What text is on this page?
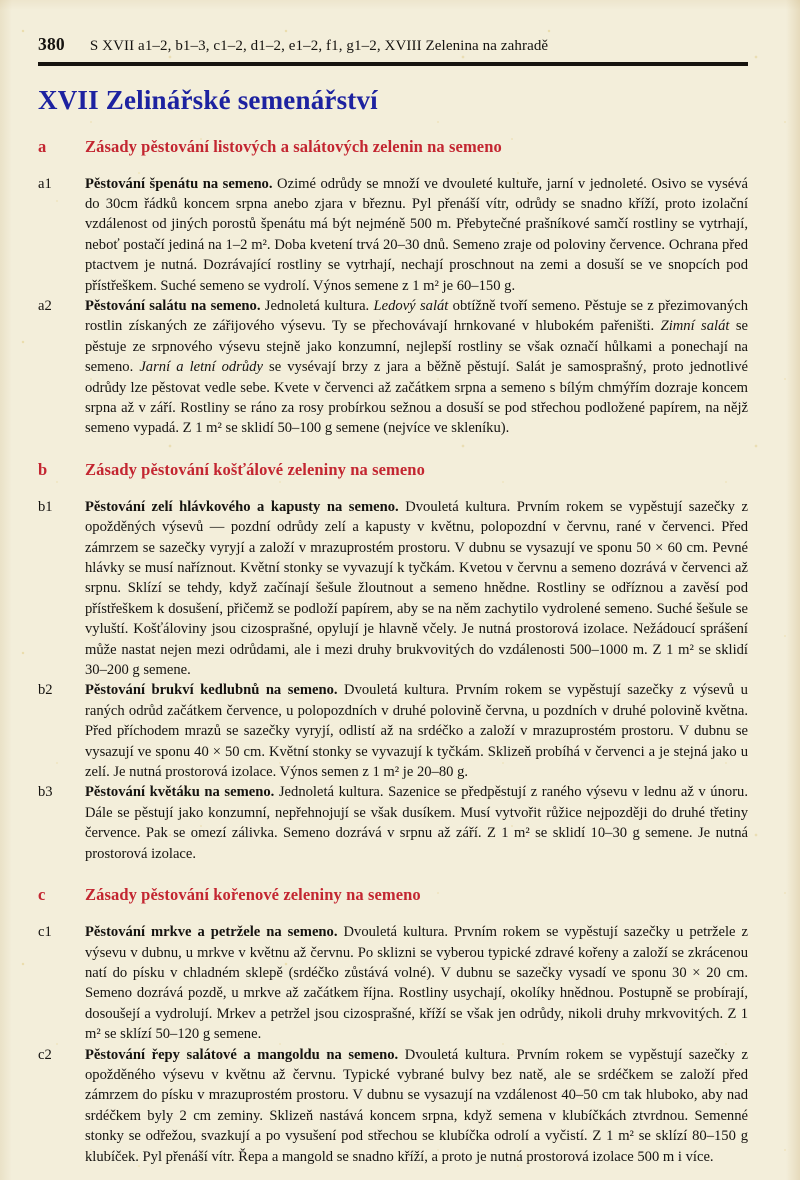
380 S XVII a1–2, b1–3, c1–2, d1–2, e1–2, f1, g1–2, XVIII Zelenina na zahradě
XVII Zelinářské semenářství
a	Zásady pěstování listových a salátových zelenin na semeno
a1	Pěstování špenátu na semeno. Ozimé odrůdy se množí ve dvouleté kultuře, jarní v jednoleté. Osivo se vysévá do 30cm řádků koncem srpna anebo zjara v březnu. Pyl přenáší vítr, odrůdy se snadno kříží, proto izolační vzdálenost od jiných porostů špenátu má být nejméně 500 m. Přebytečné prašníkové samčí rostliny se vytrhají, neboť postačí jediná na 1–2 m². Doba kvetení trvá 20–30 dnů. Semeno zraje od poloviny července. Ochrana před ptactvem je nutná. Dozrávající rostliny se vytrhají, nechají proschnout na zemi a dosuší se ve snopcích pod přístřeškem. Suché semeno se vydrolí. Výnos semene z 1 m² je 60–150 g.
a2	Pěstování salátu na semeno. Jednoletá kultura. Ledový salát obtížně tvoří semeno. Pěstuje se z přezimovaných rostlin získaných ze zářijového výsevu. Ty se přechovávají hrnkované v hlubokém pařeništi. Zimní salát se pěstuje ze srpnového výsevu stejně jako konzumní, nejlepší rostliny se však označí hůlkami a ponechají na semeno. Jarní a letní odrůdy se vysévají brzy z jara a běžně pěstují. Salát je samosprašný, proto jednotlivé odrůdy lze pěstovat vedle sebe. Kvete v červenci až začátkem srpna a semeno s bílým chmýřím dozraje koncem srpna až v září. Rostliny se ráno za rosy probírkou sežnou a dosuší se pod střechou podložené papírem, na nějž semeno vypadá. Z 1 m² se sklidí 50–100 g semene (nejvíce ve skleníku).
b	Zásady pěstování košťálové zeleniny na semeno
b1	Pěstování zelí hlávkového a kapusty na semeno. Dvouletá kultura. Prvním rokem se vypěstují sazečky z opožděných výsevů — pozdní odrůdy zelí a kapusty v květnu, polopozdní v červnu, rané v červenci. Před zámrzem se sazečky vyryjí a založí v mrazuprostém prostoru. V dubnu se vysazují ve sponu 50 × 60 cm. Pevné hlávky se musí naříznout. Květní stonky se vyvazují k tyčkám. Kvetou v červnu a semeno dozrává v červenci až srpnu. Sklízí se tehdy, když začínají šešule žloutnout a semeno hnědne. Rostliny se odříznou a zavěsí pod přístřeškem k dosušení, přičemž se podloží papírem, aby se na něm zachytilo vydrolené semeno. Suché šešule se vyluští. Košťáloviny jsou cizosprašné, opylují je hlavně včely. Je nutná prostorová izolace. Nežádoucí sprášení může nastat nejen mezi odrůdami, ale i mezi druhy brukvovitých do vzdálenosti 500–1000 m. Z 1 m² se sklidí 30–200 g semene.
b2	Pěstování brukví kedlubnů na semeno. Dvouletá kultura. Prvním rokem se vypěstují sazečky z výsevů u raných odrůd začátkem července, u polopozdních v druhé polovině června, u pozdních v druhé polovině května. Před příchodem mrazů se sazečky vyryjí, odlistí až na srdéčko a založí v mrazuprostém prostoru. V dubnu se vysazují ve sponu 40 × 50 cm. Květní stonky se vyvazují k tyčkám. Sklizeň probíhá v červenci a je stejná jako u zelí. Je nutná prostorová izolace. Výnos semen z 1 m² je 20–80 g.
b3	Pěstování květáku na semeno. Jednoletá kultura. Sazenice se předpěstují z raného výsevu v lednu až v únoru. Dále se pěstují jako konzumní, nepřehnojují se však dusíkem. Musí vytvořit růžice nejpozději do druhé třetiny července. Pak se omezí zálivka. Semeno dozrává v srpnu až září. Z 1 m² se sklidí 10–30 g semene. Je nutná prostorová izolace.
c	Zásady pěstování kořenové zeleniny na semeno
c1	Pěstování mrkve a petržele na semeno. Dvouletá kultura. Prvním rokem se vypěstují sazečky u petržele z výsevu v dubnu, u mrkve v květnu až červnu. Po sklizni se vyberou typické zdravé kořeny a založí se zkrácenou natí do písku v chladném sklepě (srdéčko zůstává volné). V dubnu se sazečky vysadí ve sponu 30 × 20 cm. Semeno dozrává pozdě, u mrkve až začátkem října. Rostliny usychají, okolíky hnědnou. Postupně se probírají, dosoušejí a vydrolují. Mrkev a petržel jsou cizosprašné, kříží se však jen odrůdy, nikoli druhy mrkvovitých. Z 1 m² se sklízí 50–120 g semene.
c2	Pěstování řepy salátové a mangoldu na semeno. Dvouletá kultura. Prvním rokem se vypěstují sazečky z opožděného výsevu v květnu až červnu. Typické vybrané bulvy bez natě, ale se srdéčkem se založí před zámrzem do písku v mrazuprostém prostoru. V dubnu se vysazují na vzdálenost 40–50 cm tak hluboko, aby nad srdéčkem byly 2 cm zeminy. Sklizeň nastává koncem srpna, když semena v klubíčkách ztvrdnou. Semenné stonky se odřežou, svazkují a po vysušení pod střechou se klubíčka odrolí a vyčistí. Z 1 m² se sklízí 80–150 g klubíček. Pyl přenáší vítr. Řepa a mangold se snadno kříží, a proto je nutná prostorová izolace 500 m i více.
